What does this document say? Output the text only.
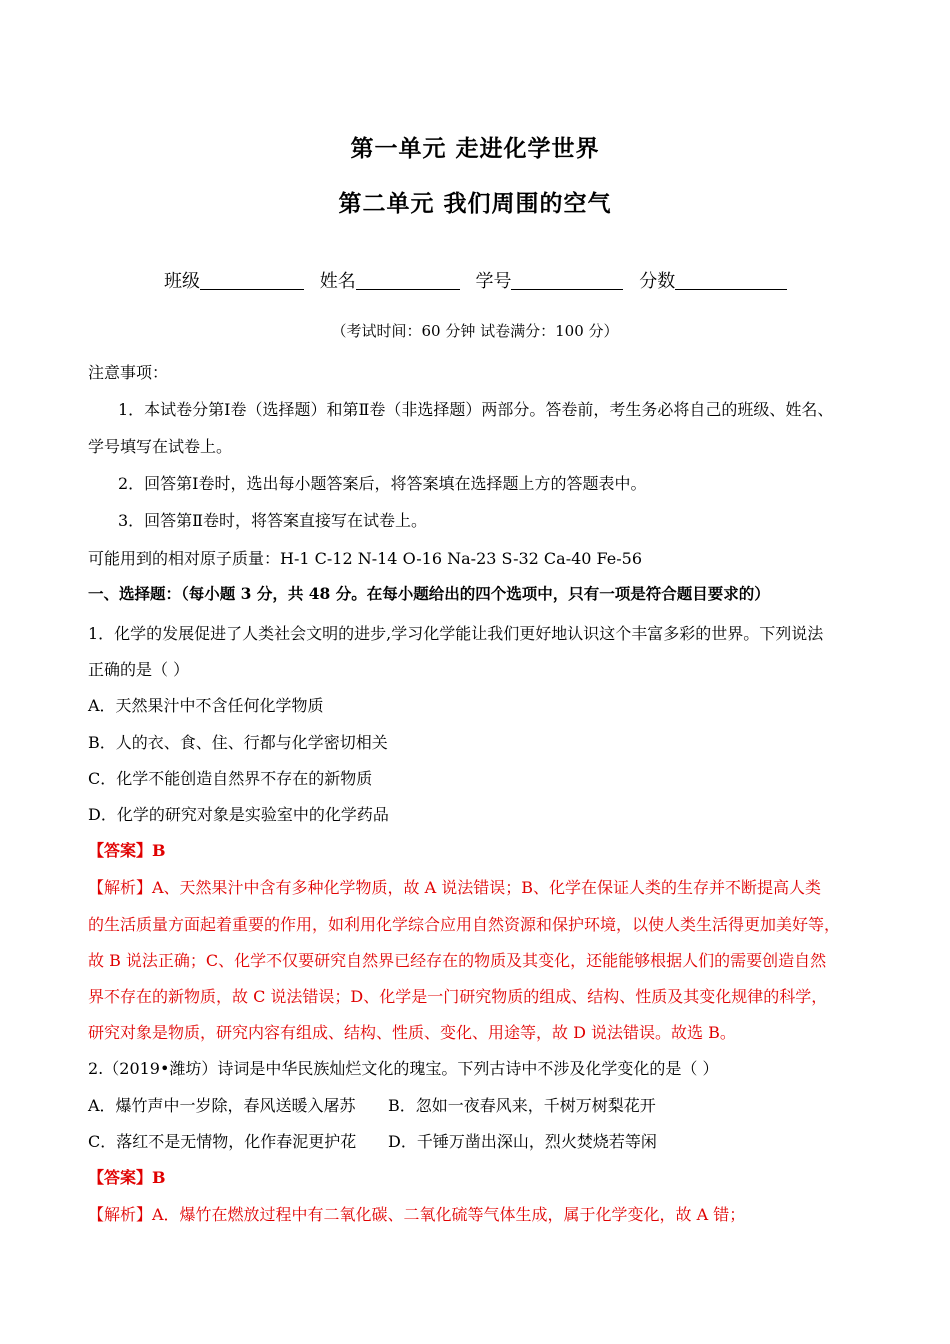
第一单元 走进化学世界
第二单元 我们周围的空气
班级	姓名	学号	分数
（考试时间：60 分钟 试卷满分：100 分）
注意事项：
1．本试卷分第Ⅰ卷（选择题）和第Ⅱ卷（非选择题）两部分。答卷前，考生务必将自己的班级、姓名、
学号填写在试卷上。
2．回答第Ⅰ卷时，选出每小题答案后，将答案填在选择题上方的答题表中。
3．回答第Ⅱ卷时，将答案直接写在试卷上。
可能用到的相对原子质量：H-1 C-12 N-14 O-16 Na-23 S-32 Ca-40 Fe-56
一、选择题：（每小题 3 分，共 48 分。在每小题给出的四个选项中，只有一项是符合题目要求的）
1．化学的发展促进了人类社会文明的进步,学习化学能让我们更好地认识这个丰富多彩的世界。下列说法
正确的是（ ）
A．天然果汁中不含任何化学物质
B．人的衣、食、住、行都与化学密切相关
C．化学不能创造自然界不存在的新物质
D．化学的研究对象是实验室中的化学药品
【答案】B
【解析】A、天然果汁中含有多种化学物质，故 A 说法错误；B、化学在保证人类的生存并不断提高人类
的生活质量方面起着重要的作用，如利用化学综合应用自然资源和保护环境，以使人类生活得更加美好等，
故 B 说法正确；C、化学不仅要研究自然界已经存在的物质及其变化，还能能够根据人们的需要创造自然
界不存在的新物质，故 C 说法错误；D、化学是一门研究物质的组成、结构、性质及其变化规律的科学，
研究对象是物质，研究内容有组成、结构、性质、变化、用途等，故 D 说法错误。故选 B。
2.（2019•潍坊）诗词是中华民族灿烂文化的瑰宝。下列古诗中不涉及化学变化的是（ ）
A．爆竹声中一岁除，春风送暖入屠苏 B．忽如一夜春风来，千树万树梨花开
C．落红不是无情物，化作春泥更护花 D．千锤万凿出深山，烈火焚烧若等闲
【答案】B
【解析】A．爆竹在燃放过程中有二氧化碳、二氧化硫等气体生成，属于化学变化，故 A 错；
